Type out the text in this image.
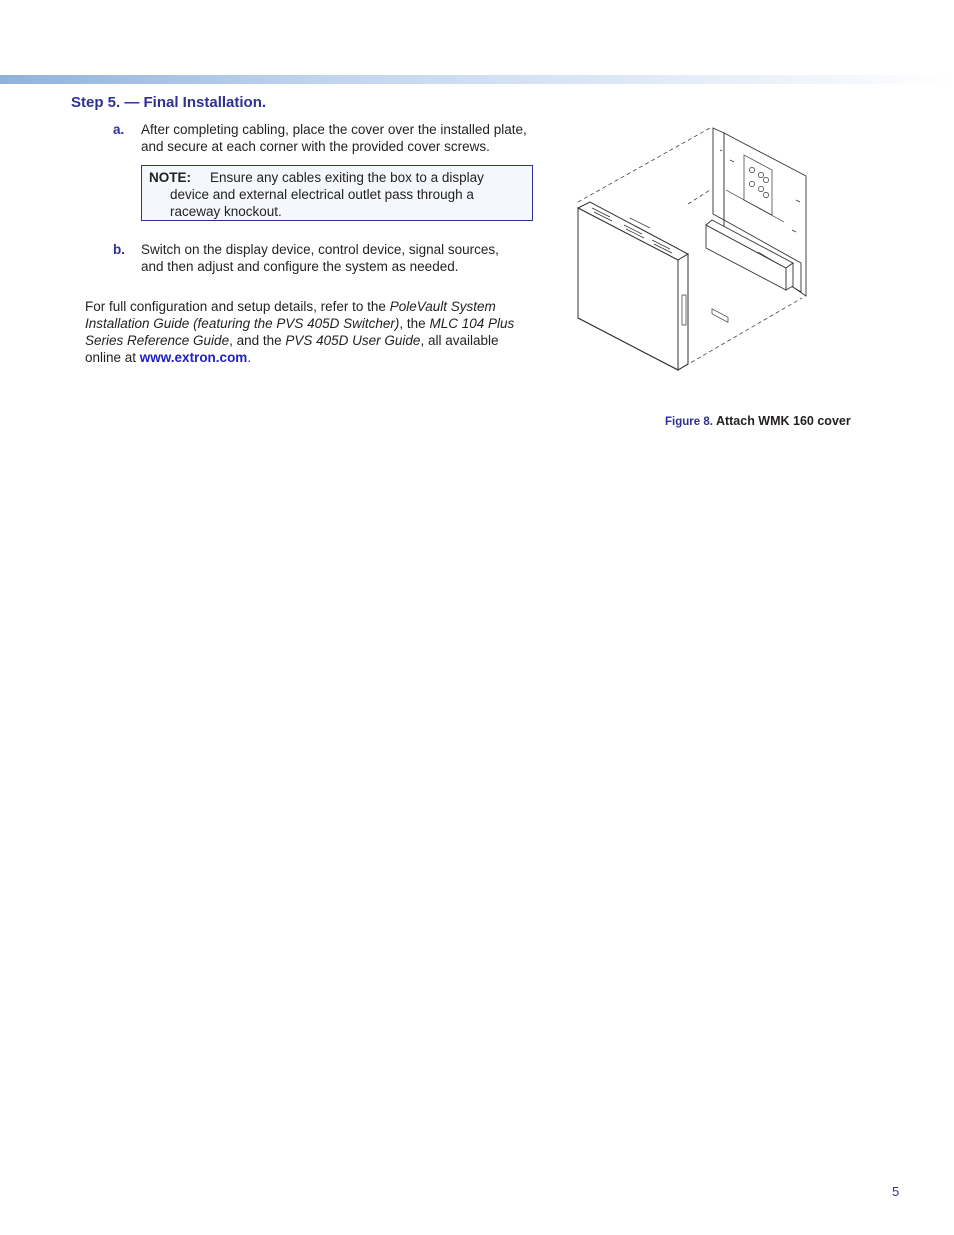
Step 5. — Final Installation.
a. After completing cabling, place the cover over the installed plate,
and secure at each corner with the provided cover screws.
NOTE: Ensure any cables exiting the box to a display
device and external electrical outlet pass through a
raceway knockout.
b. Switch on the display device, control device, signal sources,
and then adjust and configure the system as needed.

For full configuration and setup details, refer to the PoleVault System Installation Guide (featuring the PVS 405D Switcher), the MLC 104 Plus Series Reference Guide, and the PVS 405D User Guide, all available online at www.extron.com.

Figure 8. Attach WMK 160 cover
5
